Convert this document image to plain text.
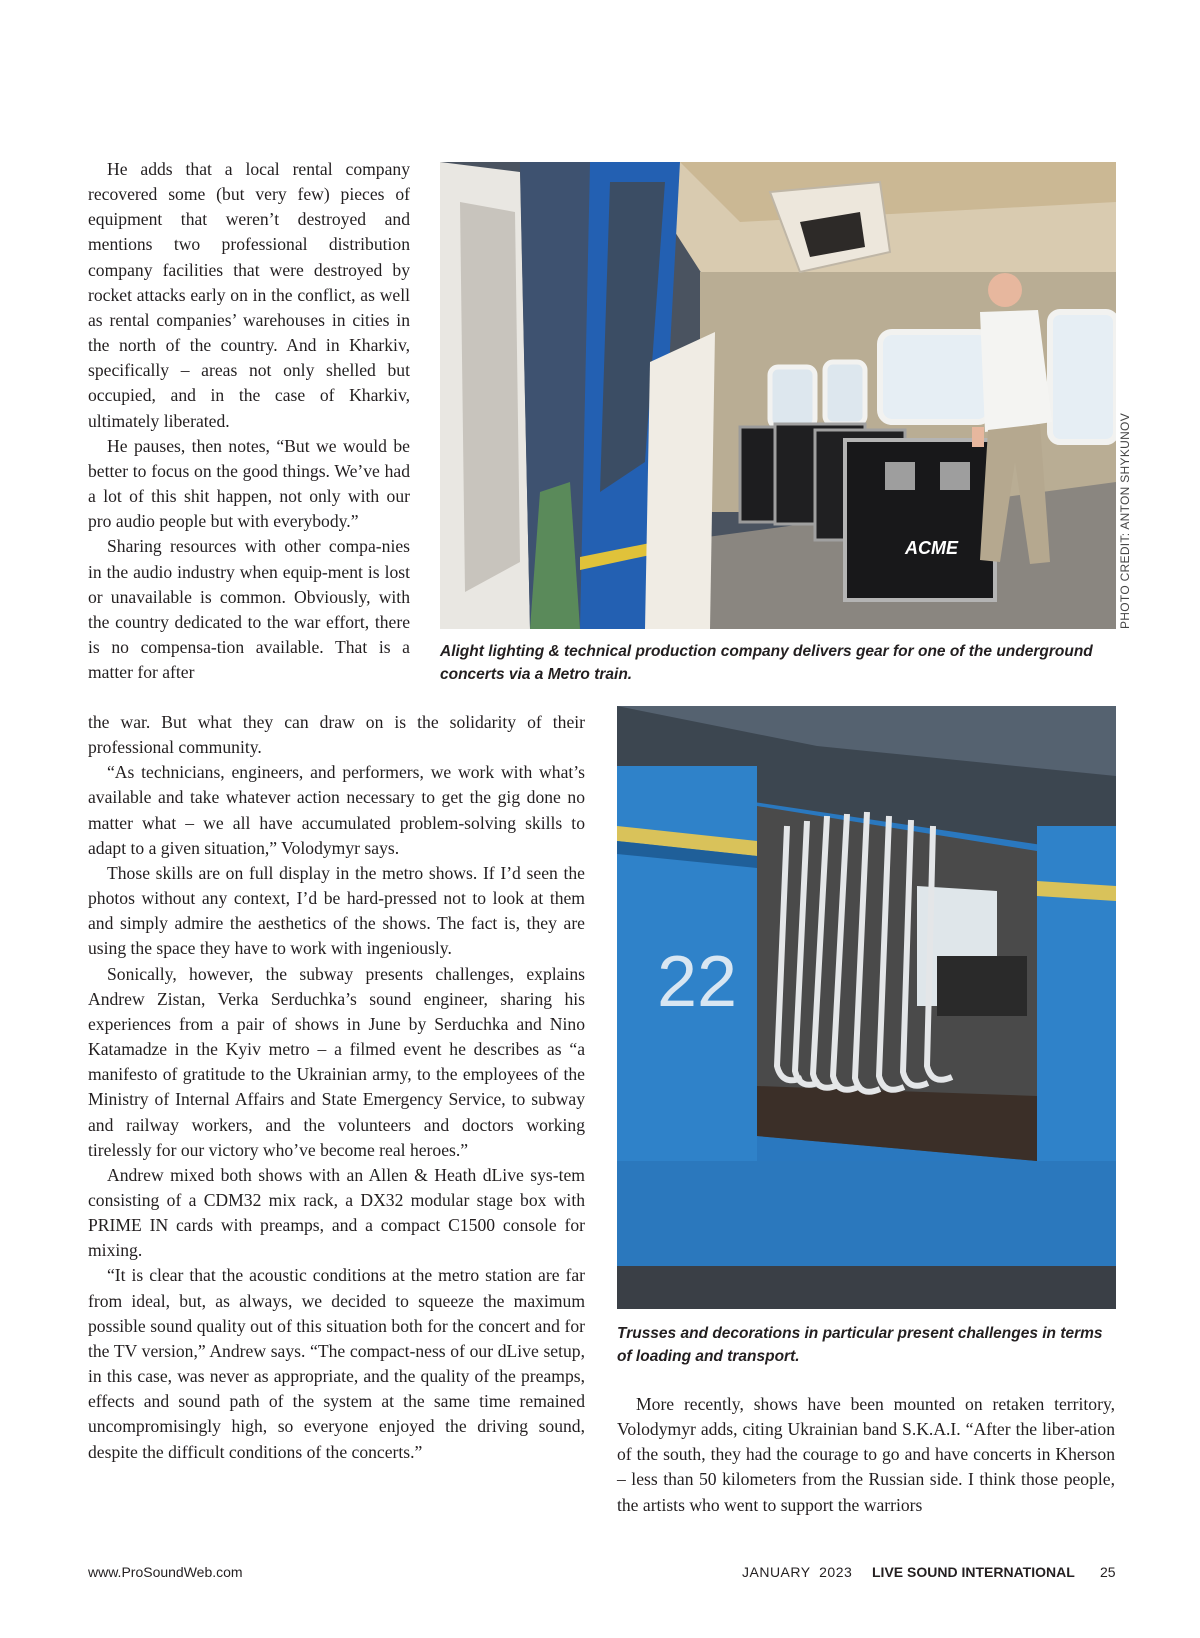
He adds that a local rental company recovered some (but very few) pieces of equipment that weren’t destroyed and mentions two professional distribution company facilities that were destroyed by rocket attacks early on in the conflict, as well as rental companies’ warehouses in cities in the north of the country. And in Kharkiv, specifically – areas not only shelled but occupied, and in the case of Kharkiv, ultimately liberated.

He pauses, then notes, “But we would be better to focus on the good things. We’ve had a lot of this shit happen, not only with our pro audio people but with everybody.”

Sharing resources with other compa-nies in the audio industry when equip-ment is lost or unavailable is common. Obviously, with the country dedicated to the war effort, there is no compensa-tion available. That is a matter for after

the war. But what they can draw on is the solidarity of their professional community.

“As technicians, engineers, and performers, we work with what’s available and take whatever action necessary to get the gig done no matter what – we all have accumulated problem-solving skills to adapt to a given situation,” Volodymyr says.

Those skills are on full display in the metro shows. If I’d seen the photos without any context, I’d be hard-pressed not to look at them and simply admire the aesthetics of the shows. The fact is, they are using the space they have to work with ingeniously.

Sonically, however, the subway presents challenges, explains Andrew Zistan, Verka Serduchka’s sound engineer, sharing his experiences from a pair of shows in June by Serduchka and Nino Katamadze in the Kyiv metro – a filmed event he describes as “a manifesto of gratitude to the Ukrainian army, to the employees of the Ministry of Internal Affairs and State Emergency Service, to subway and railway workers, and the volunteers and doctors working tirelessly for our victory who’ve become real heroes.”

Andrew mixed both shows with an Allen & Heath dLive sys-tem consisting of a CDM32 mix rack, a DX32 modular stage box with PRIME IN cards with preamps, and a compact C1500 console for mixing.

“It is clear that the acoustic conditions at the metro station are far from ideal, but, as always, we decided to squeeze the maximum possible sound quality out of this situation both for the concert and for the TV version,” Andrew says. “The compact-ness of our dLive setup, in this case, was never as appropriate, and the quality of the preamps, effects and sound path of the system at the same time remained uncompromisingly high, so everyone enjoyed the driving sound, despite the difficult conditions of the concerts.”

More recently, shows have been mounted on retaken territory, Volodymyr adds, citing Ukrainian band S.K.A.I. “After the liber-ation of the south, they had the courage to go and have concerts in Kherson – less than 50 kilometers from the Russian side. I think those people, the artists who went to support the warriors

ACME	PHOTO CREDIT: ANTON SHYKUNOV
Alight lighting & technical production company delivers gear for one of the underground concerts via a Metro train.
22
Trusses and decorations in particular present challenges in terms of loading and transport.
www.ProSoundWeb.com	JANUARY  2023 LIVE SOUND INTERNATIONAL 25
